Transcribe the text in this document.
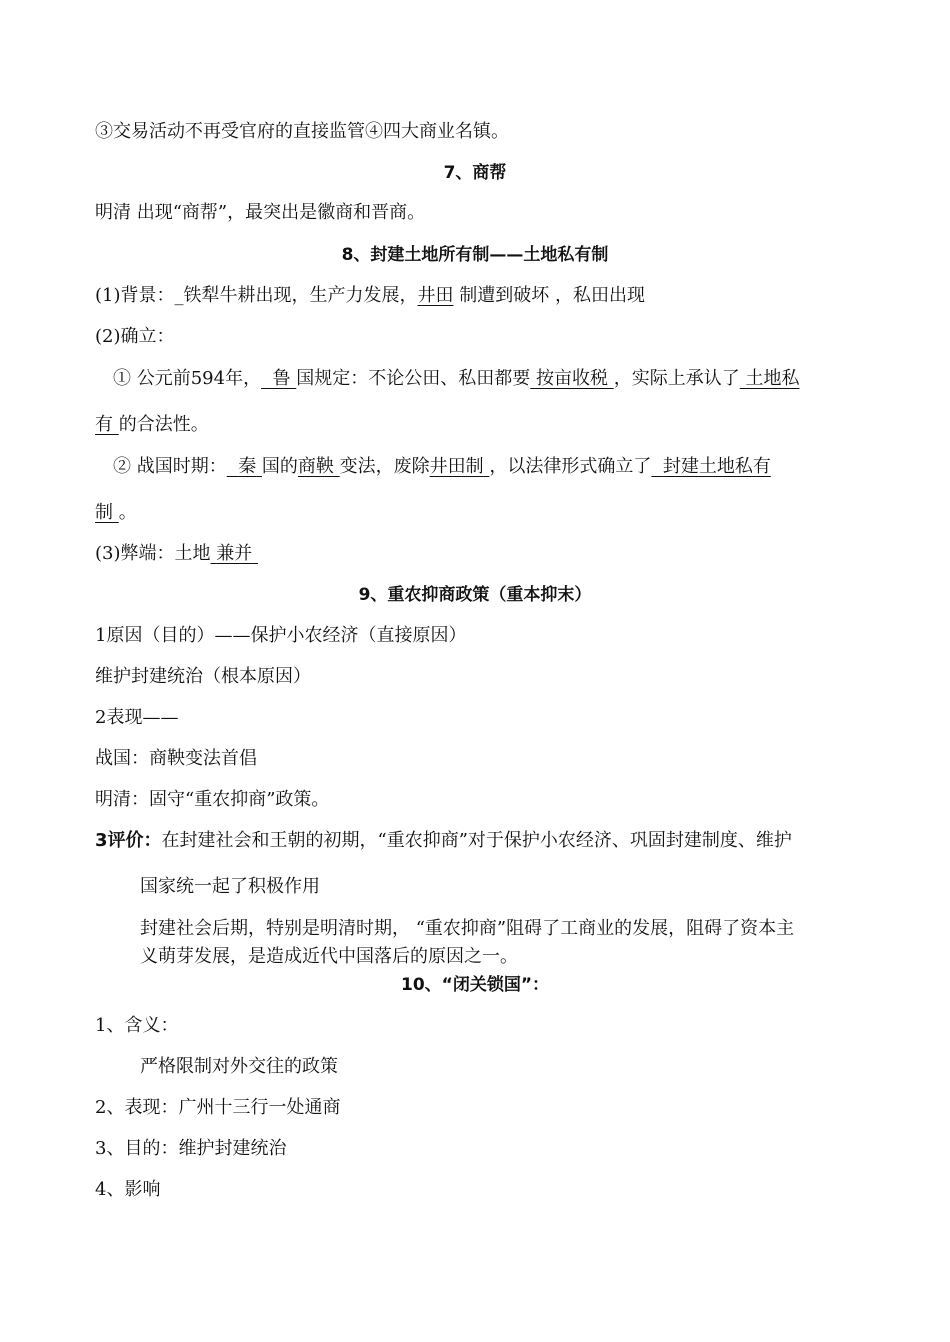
③交易活动不再受官府的直接监管④四大商业名镇。
7、商帮
明清 出现“商帮”，最突出是徽商和晋商。
8、封建土地所有制——土地私有制
(1)背景：_铁犁牛耕出现，生产力发展，井田 制遭到破坏 ，私田出现
(2)确立：
① 公元前594年， 鲁 国规定：不论公田、私田都要 按亩收税 ，实际上承认了 土地私
有 的合法性。
② 战国时期： 秦 国的商鞅 变法，废除井田制 ，以法律形式确立了 封建土地私有
制 。
(3)弊端：土地 兼并
9、重农抑商政策（重本抑末）
1原因（目的）——保护小农经济（直接原因）
维护封建统治（根本原因）
2表现——
战国：商鞅变法首倡
明清：固守“重农抑商”政策。
3评价：在封建社会和王朝的初期，“重农抑商”对于保护小农经济、巩固封建制度、维护
国家统一起了积极作用
封建社会后期，特别是明清时期， “重农抑商”阻碍了工商业的发展，阻碍了资本主
义萌芽发展，是造成近代中国落后的原因之一。
10、“闭关锁国”：
1、含义：
严格限制对外交往的政策
2、表现：广州十三行一处通商
3、目的：维护封建统治
4、影响
